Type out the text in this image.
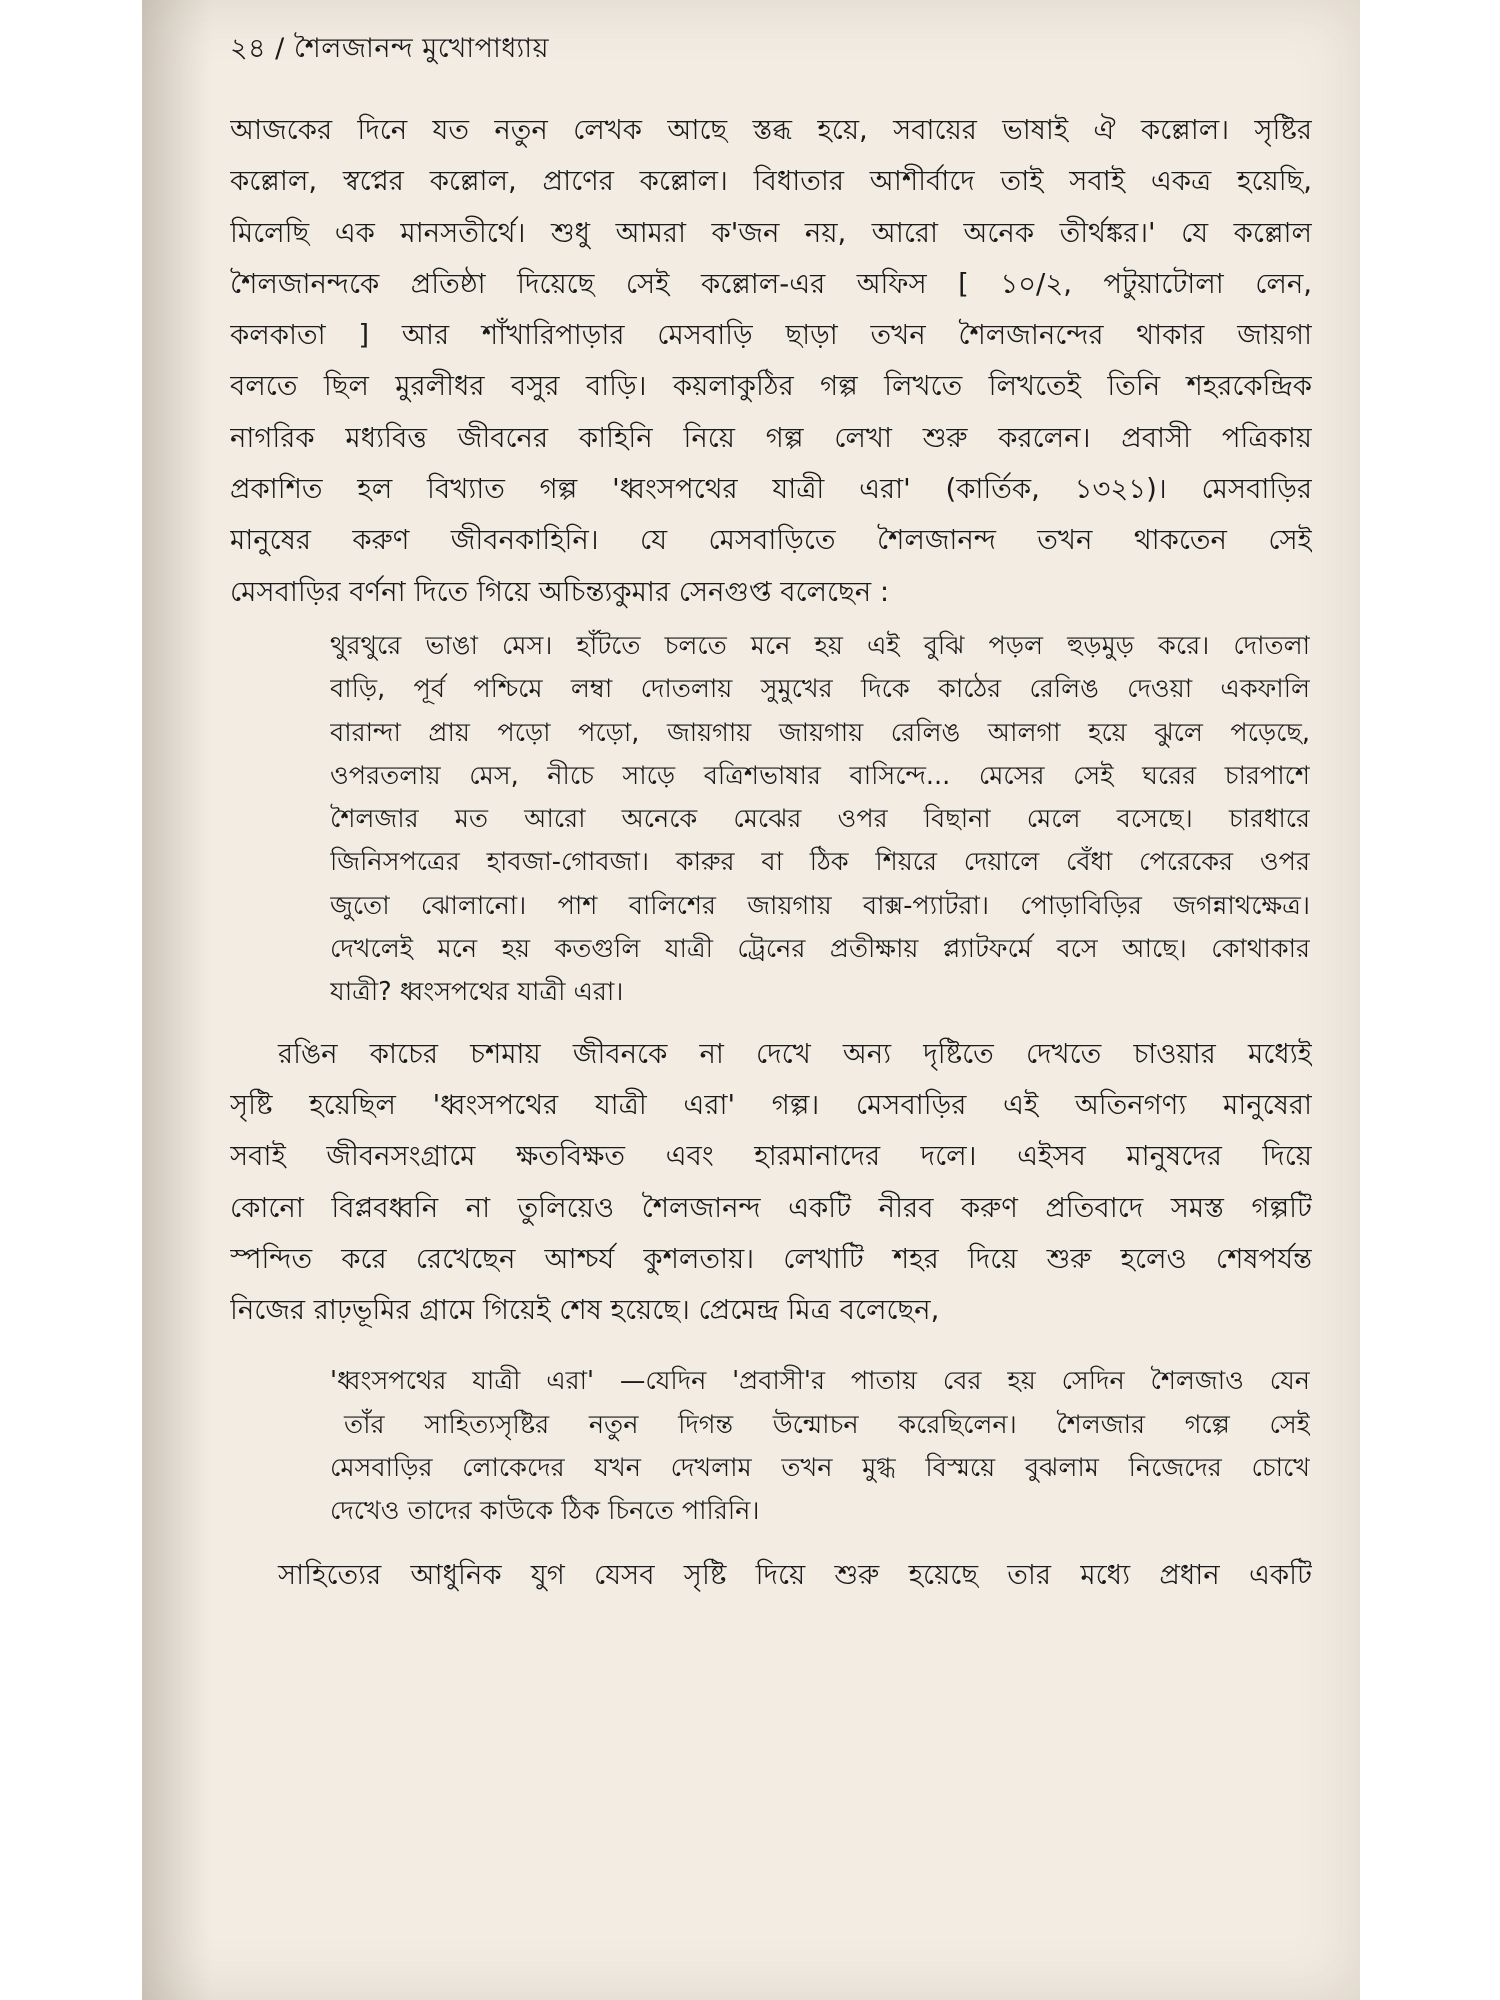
২৪ / শৈলজানন্দ মুখোপাধ্যায়
আজকের দিনে যত নতুন লেখক আছে স্তব্ধ হয়ে, সবায়ের ভাষাই ঐ কল্লোল। সৃষ্টির
কল্লোল, স্বপ্নের কল্লোল, প্রাণের কল্লোল। বিধাতার আশীর্বাদে তাই সবাই একত্র হয়েছি,
মিলেছি এক মানসতীর্থে। শুধু আমরা ক'জন নয়, আরো অনেক তীর্থঙ্কর।' যে কল্লোল
শৈলজানন্দকে প্রতিষ্ঠা দিয়েছে সেই কল্লোল-এর অফিস [ ১০/২, পটুয়াটোলা লেন,
কলকাতা ] আর শাঁখারিপাড়ার মেসবাড়ি ছাড়া তখন শৈলজানন্দের থাকার জায়গা
বলতে ছিল মুরলীধর বসুর বাড়ি। কয়লাকুঠির গল্প লিখতে লিখতেই তিনি শহরকেন্দ্রিক
নাগরিক মধ্যবিত্ত জীবনের কাহিনি নিয়ে গল্প লেখা শুরু করলেন। প্রবাসী পত্রিকায়
প্রকাশিত হল বিখ্যাত গল্প 'ধ্বংসপথের যাত্রী এরা' (কার্তিক, ১৩২১)। মেসবাড়ির
মানুষের করুণ জীবনকাহিনি। যে মেসবাড়িতে শৈলজানন্দ তখন থাকতেন সেই
মেসবাড়ির বর্ণনা দিতে গিয়ে অচিন্ত্যকুমার সেনগুপ্ত বলেছেন :
থুরথুরে ভাঙা মেস। হাঁটতে চলতে মনে হয় এই বুঝি পড়ল হুড়মুড় করে। দোতলা
বাড়ি, পূর্ব পশ্চিমে লম্বা দোতলায় সুমুখের দিকে কাঠের রেলিঙ দেওয়া একফালি
বারান্দা প্রায় পড়ো পড়ো, জায়গায় জায়গায় রেলিঙ আলগা হয়ে ঝুলে পড়েছে,
ওপরতলায় মেস, নীচে সাড়ে বত্রিশভাষার বাসিন্দে... মেসের সেই ঘরের চারপাশে
শৈলজার মত আরো অনেকে মেঝের ওপর বিছানা মেলে বসেছে। চারধারে
জিনিসপত্রের হাবজা-গোবজা। কারুর বা ঠিক শিয়রে দেয়ালে বেঁধা পেরেকের ওপর
জুতো ঝোলানো। পাশ বালিশের জায়গায় বাক্স-প্যাটরা। পোড়াবিড়ির জগন্নাথক্ষেত্র।
দেখলেই মনে হয় কতগুলি যাত্রী ট্রেনের প্রতীক্ষায় প্ল্যাটফর্মে বসে আছে। কোথাকার
যাত্রী? ধ্বংসপথের যাত্রী এরা।
রঙিন কাচের চশমায় জীবনকে না দেখে অন্য দৃষ্টিতে দেখতে চাওয়ার মধ্যেই
সৃষ্টি হয়েছিল 'ধ্বংসপথের যাত্রী এরা' গল্প। মেসবাড়ির এই অতিনগণ্য মানুষেরা
সবাই জীবনসংগ্রামে ক্ষতবিক্ষত এবং হারমানাদের দলে। এইসব মানুষদের দিয়ে
কোনো বিপ্লবধ্বনি না তুলিয়েও শৈলজানন্দ একটি নীরব করুণ প্রতিবাদে সমস্ত গল্পটি
স্পন্দিত করে রেখেছেন আশ্চর্য কুশলতায়। লেখাটি শহর দিয়ে শুরু হলেও শেষপর্যন্ত
নিজের রাঢ়ভূমির গ্রামে গিয়েই শেষ হয়েছে। প্রেমেন্দ্র মিত্র বলেছেন,
'ধ্বংসপথের যাত্রী এরা' —যেদিন 'প্রবাসী'র পাতায় বের হয় সেদিন শৈলজাও যেন
তাঁর সাহিত্যসৃষ্টির নতুন দিগন্ত উন্মোচন করেছিলেন। শৈলজার গল্পে সেই
মেসবাড়ির লোকেদের যখন দেখলাম তখন মুগ্ধ বিস্ময়ে বুঝলাম নিজেদের চোখে
দেখেও তাদের কাউকে ঠিক চিনতে পারিনি।
সাহিত্যের আধুনিক যুগ যেসব সৃষ্টি দিয়ে শুরু হয়েছে তার মধ্যে প্রধান একটি
